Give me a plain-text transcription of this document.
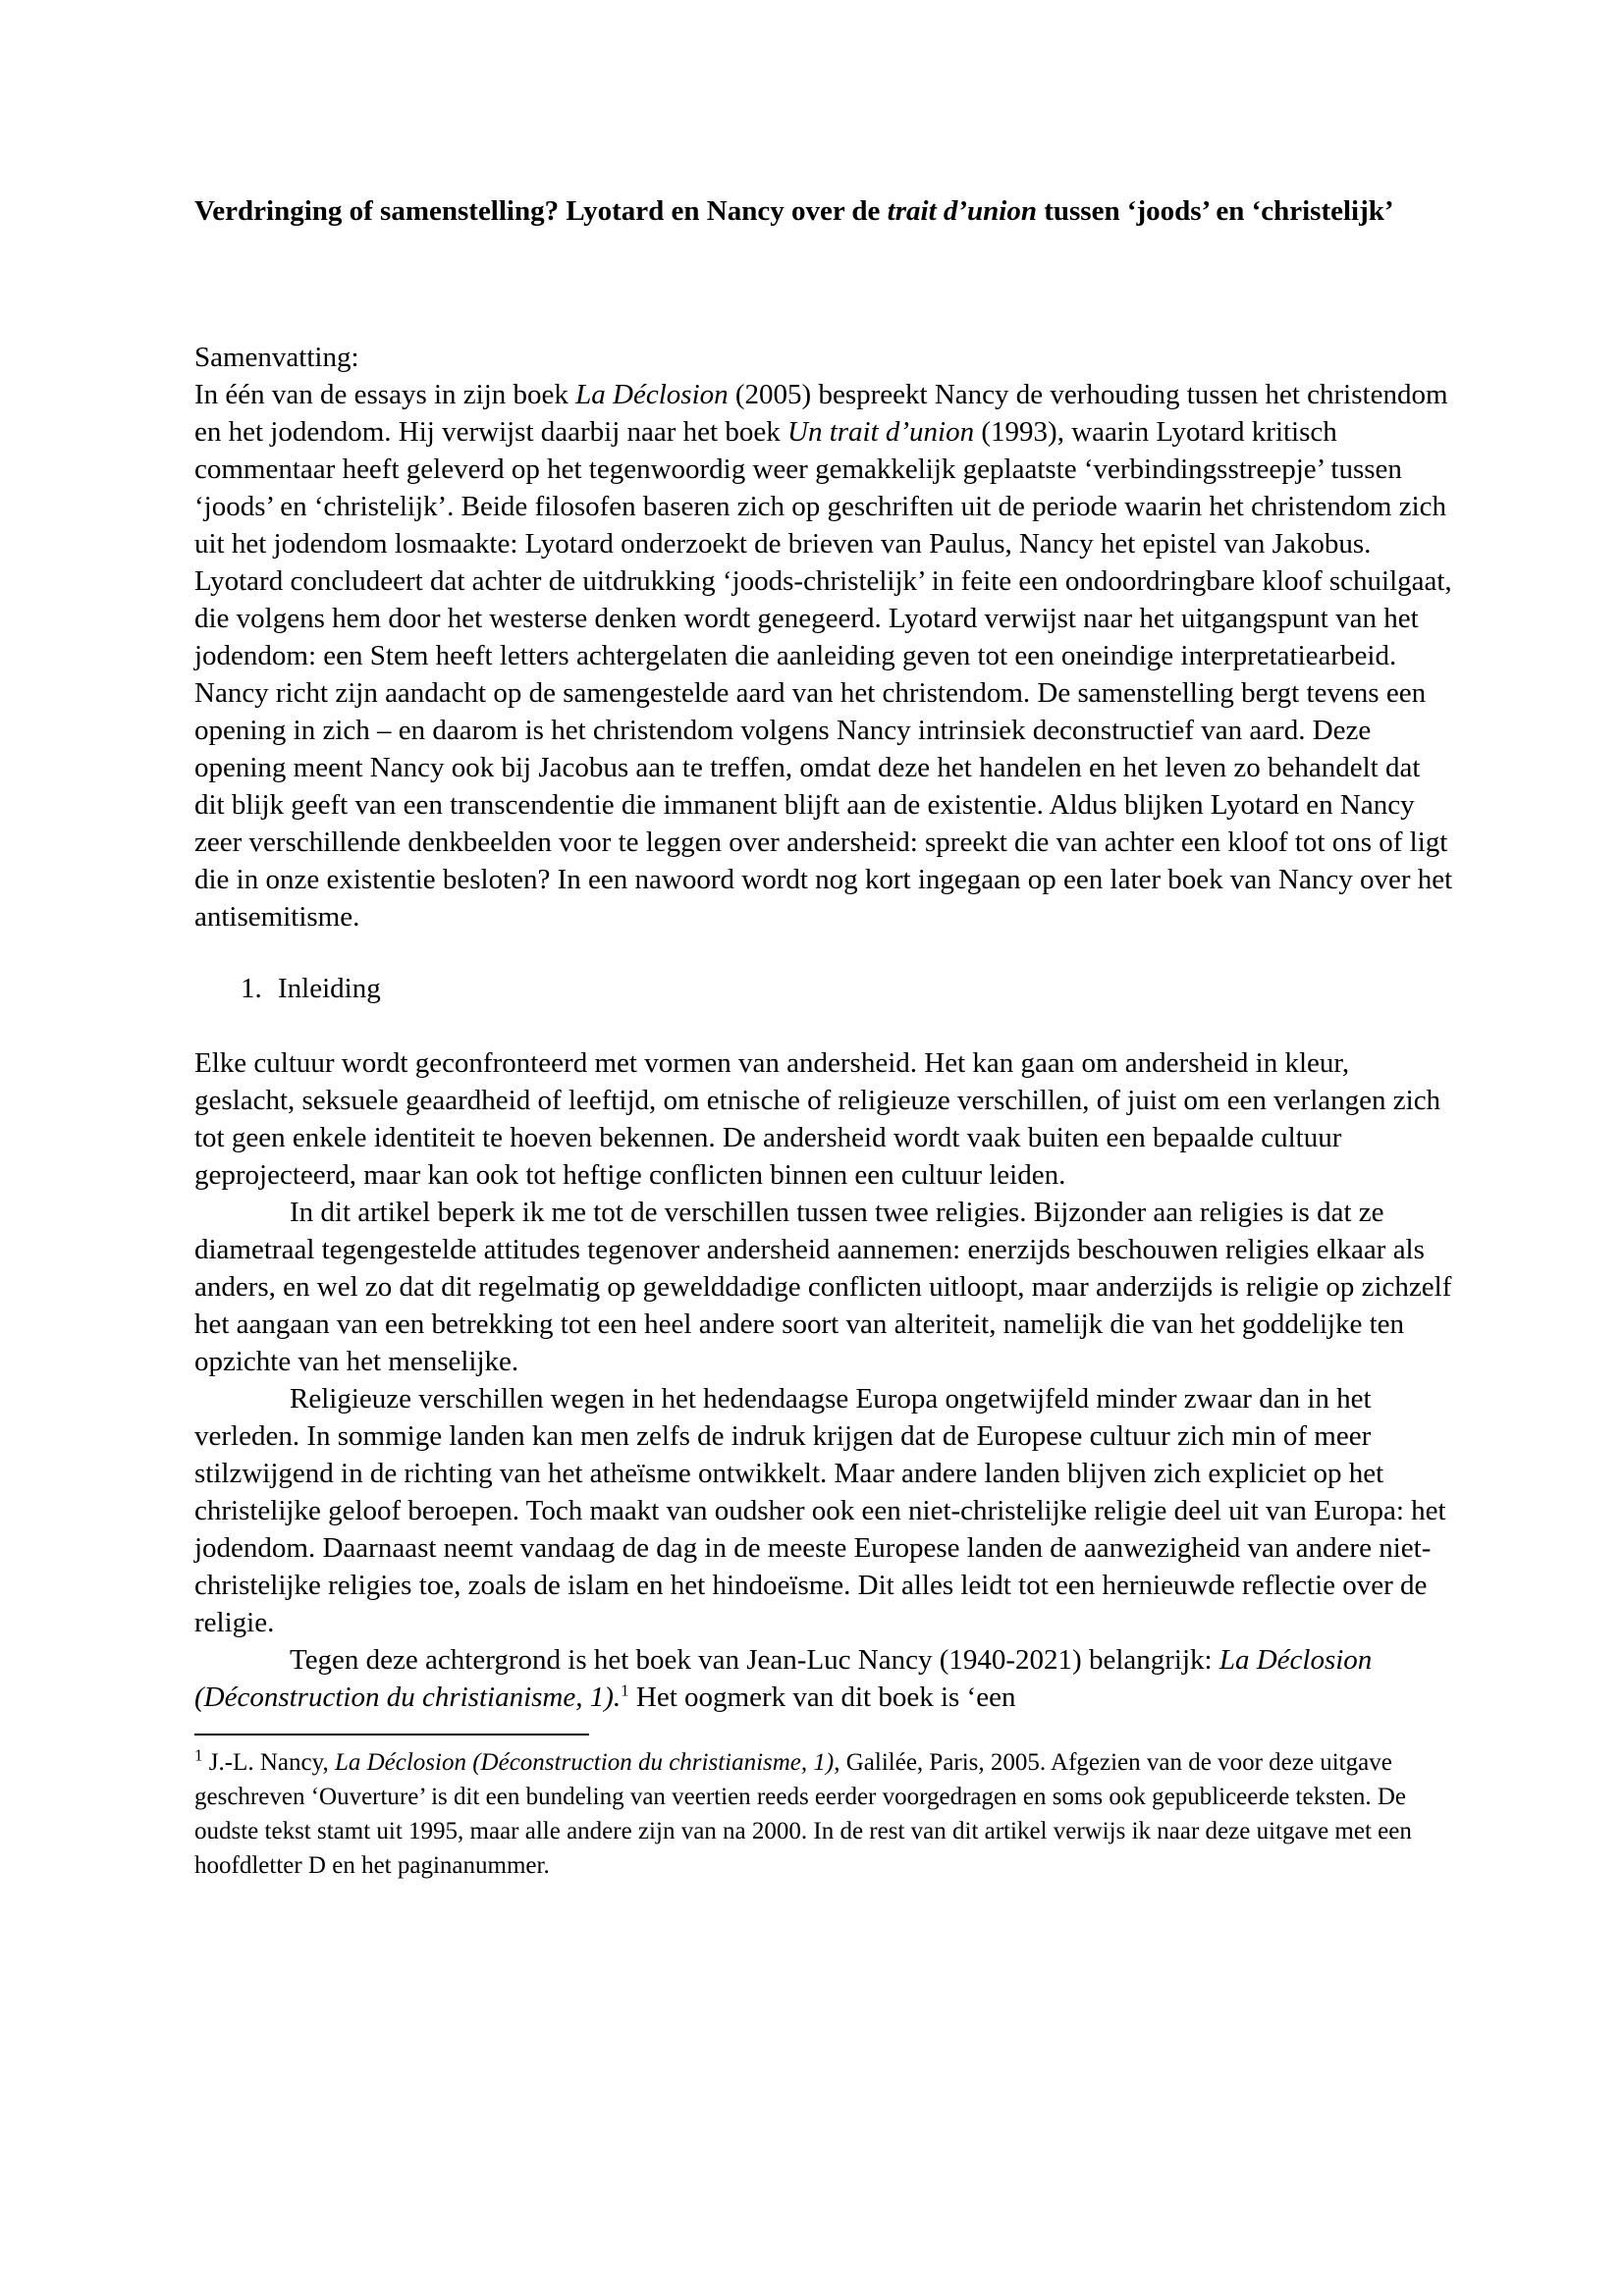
Verdringing of samenstelling? Lyotard en Nancy over de trait d’union tussen ‘joods’ en ‘christelijk’

Samenvatting:

In één van de essays in zijn boek La Déclosion (2005) bespreekt Nancy de verhouding tussen het christendom en het jodendom. Hij verwijst daarbij naar het boek Un trait d’union (1993), waarin Lyotard kritisch commentaar heeft geleverd op het tegenwoordig weer gemakkelijk geplaatste ‘verbindingsstreepje’ tussen ‘joods’ en ‘christelijk’. Beide filosofen baseren zich op geschriften uit de periode waarin het christendom zich uit het jodendom losmaakte: Lyotard onderzoekt de brieven van Paulus, Nancy het epistel van Jakobus. Lyotard concludeert dat achter de uitdrukking ‘joods-christelijk’ in feite een ondoordringbare kloof schuilgaat, die volgens hem door het westerse denken wordt genegeerd. Lyotard verwijst naar het uitgangspunt van het jodendom: een Stem heeft letters achtergelaten die aanleiding geven tot een oneindige interpretatiearbeid. Nancy richt zijn aandacht op de samengestelde aard van het christendom. De samenstelling bergt tevens een opening in zich – en daarom is het christendom volgens Nancy intrinsiek deconstructief van aard. Deze opening meent Nancy ook bij Jacobus aan te treffen, omdat deze het handelen en het leven zo behandelt dat dit blijk geeft van een transcendentie die immanent blijft aan de existentie. Aldus blijken Lyotard en Nancy zeer verschillende denkbeelden voor te leggen over andersheid: spreekt die van achter een kloof tot ons of ligt die in onze existentie besloten? In een nawoord wordt nog kort ingegaan op een later boek van Nancy over het antisemitisme.

1. Inleiding

Elke cultuur wordt geconfronteerd met vormen van andersheid. Het kan gaan om andersheid in kleur, geslacht, seksuele geaardheid of leeftijd, om etnische of religieuze verschillen, of juist om een verlangen zich tot geen enkele identiteit te hoeven bekennen. De andersheid wordt vaak buiten een bepaalde cultuur geprojecteerd, maar kan ook tot heftige conflicten binnen een cultuur leiden.

In dit artikel beperk ik me tot de verschillen tussen twee religies. Bijzonder aan religies is dat ze diametraal tegengestelde attitudes tegenover andersheid aannemen: enerzijds beschouwen religies elkaar als anders, en wel zo dat dit regelmatig op gewelddadige conflicten uitloopt, maar anderzijds is religie op zichzelf het aangaan van een betrekking tot een heel andere soort van alteriteit, namelijk die van het goddelijke ten opzichte van het menselijke.

Religieuze verschillen wegen in het hedendaagse Europa ongetwijfeld minder zwaar dan in het verleden. In sommige landen kan men zelfs de indruk krijgen dat de Europese cultuur zich min of meer stilzwijgend in de richting van het atheïsme ontwikkelt. Maar andere landen blijven zich expliciet op het christelijke geloof beroepen. Toch maakt van oudsher ook een niet-christelijke religie deel uit van Europa: het jodendom. Daarnaast neemt vandaag de dag in de meeste Europese landen de aanwezigheid van andere niet-christelijke religies toe, zoals de islam en het hindoeïsme. Dit alles leidt tot een hernieuwde reflectie over de religie.

Tegen deze achtergrond is het boek van Jean-Luc Nancy (1940-2021) belangrijk: La Déclosion (Déconstruction du christianisme, 1).$^1$ Het oogmerk van dit boek is ‘een

$^1$ J.-L. Nancy, La Déclosion (Déconstruction du christianisme, 1), Galilée, Paris, 2005. Afgezien van de voor deze uitgave geschreven ‘Ouverture’ is dit een bundeling van veertien reeds eerder voorgedragen en soms ook gepubliceerde teksten. De oudste tekst stamt uit 1995, maar alle andere zijn van na 2000. In de rest van dit artikel verwijs ik naar deze uitgave met een hoofdletter D en het paginanummer.
